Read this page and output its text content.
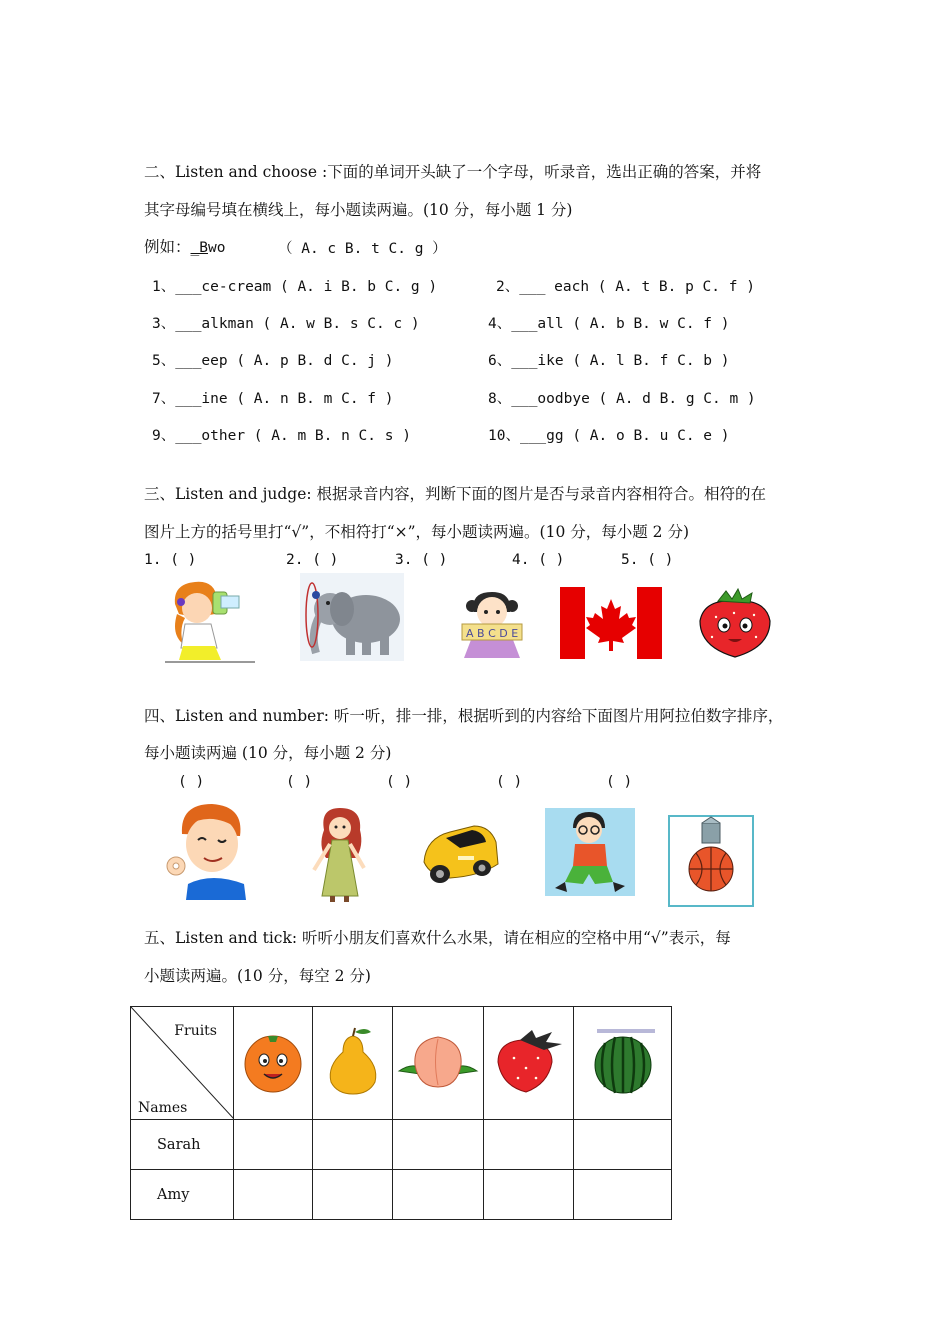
二、Listen and choose :下面的单词开头缺了一个字母，听录音，选出正确的答案，并将
其字母编号填在横线上，每小题读两遍。(10 分，每小题 1 分)
例如：_Bwo	（ A. c B. t C. g ）
1、___ce-cream ( A. i B. b C. g )	2、___ each ( A. t B. p C. f )
3、___alkman ( A. w B. s C. c )	4、___all ( A. b B. w C. f )
5、___eep ( A. p B. d C. j )	6、___ike ( A. l B. f C. b )
7、___ine ( A. n B. m C. f )	8、___oodbye ( A. d B. g C. m )
9、___other ( A. m B. n C. s )	10、___gg ( A. o B. u C. e )
三、Listen and judge: 根据录音内容，判断下面的图片是否与录音内容相符合。相符的在
图片上方的括号里打“√”，不相符打“×”，每小题读两遍。(10 分，每小题 2 分)
1. ( )	2. ( )	3. ( )	4. ( )	5. ( )
A B C D E
四、Listen and number: 听一听，排一排，根据听到的内容给下面图片用阿拉伯数字排序，
每小题读两遍 (10 分，每小题 2 分)
( )	( )	( )	( )	( )
五、Listen and tick: 听听小朋友们喜欢什么水果，请在相应的空格中用“√”表示，每
小题读两遍。(10 分，每空 2 分)
Fruits
Names

Sarah					
Amy					
